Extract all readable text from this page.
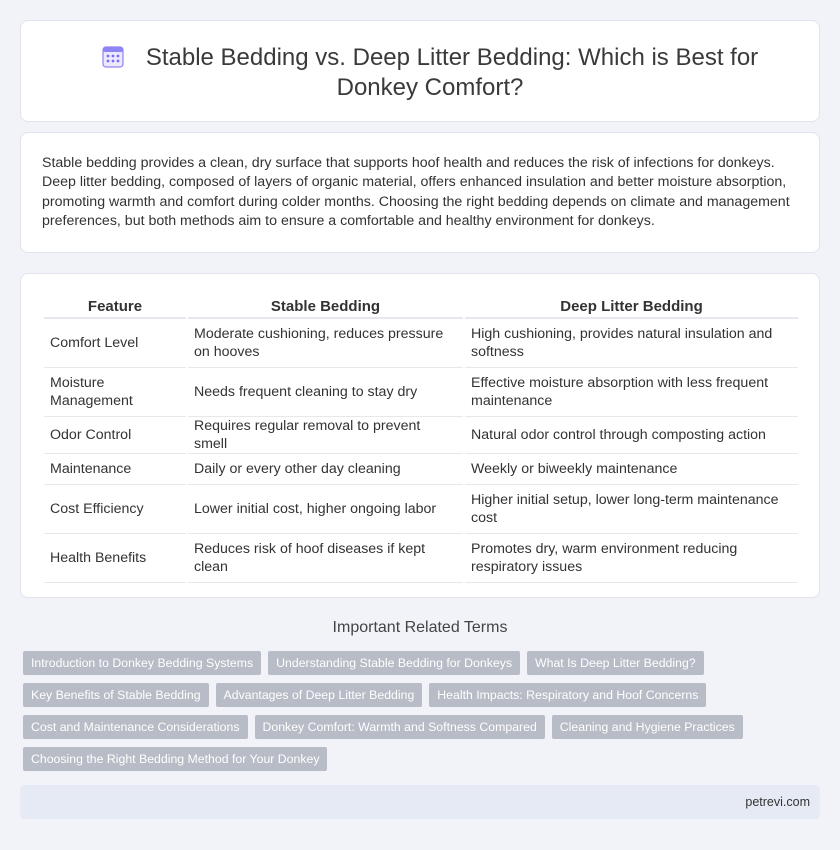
Stable Bedding vs. Deep Litter Bedding: Which is Best for Donkey Comfort?

Stable bedding provides a clean, dry surface that supports hoof health and reduces the risk of infections for donkeys. Deep litter bedding, composed of layers of organic material, offers enhanced insulation and better moisture absorption, promoting warmth and comfort during colder months. Choosing the right bedding depends on climate and management preferences, but both methods aim to ensure a comfortable and healthy environment for donkeys.

Feature	Stable Bedding	Deep Litter Bedding
Comfort Level	Moderate cushioning, reduces pressure on hooves	High cushioning, provides natural insulation and softness
Moisture Management	Needs frequent cleaning to stay dry	Effective moisture absorption with less frequent maintenance
Odor Control	Requires regular removal to prevent smell	Natural odor control through composting action
Maintenance	Daily or every other day cleaning	Weekly or biweekly maintenance
Cost Efficiency	Lower initial cost, higher ongoing labor	Higher initial setup, lower long-term maintenance cost
Health Benefits	Reduces risk of hoof diseases if kept clean	Promotes dry, warm environment reducing respiratory issues
Important Related Terms
Introduction to Donkey Bedding Systems	Understanding Stable Bedding for Donkeys	What Is Deep Litter Bedding?
Key Benefits of Stable Bedding	Advantages of Deep Litter Bedding	Health Impacts: Respiratory and Hoof Concerns
Cost and Maintenance Considerations	Donkey Comfort: Warmth and Softness Compared	Cleaning and Hygiene Practices
Choosing the Right Bedding Method for Your Donkey
petrevi.com
